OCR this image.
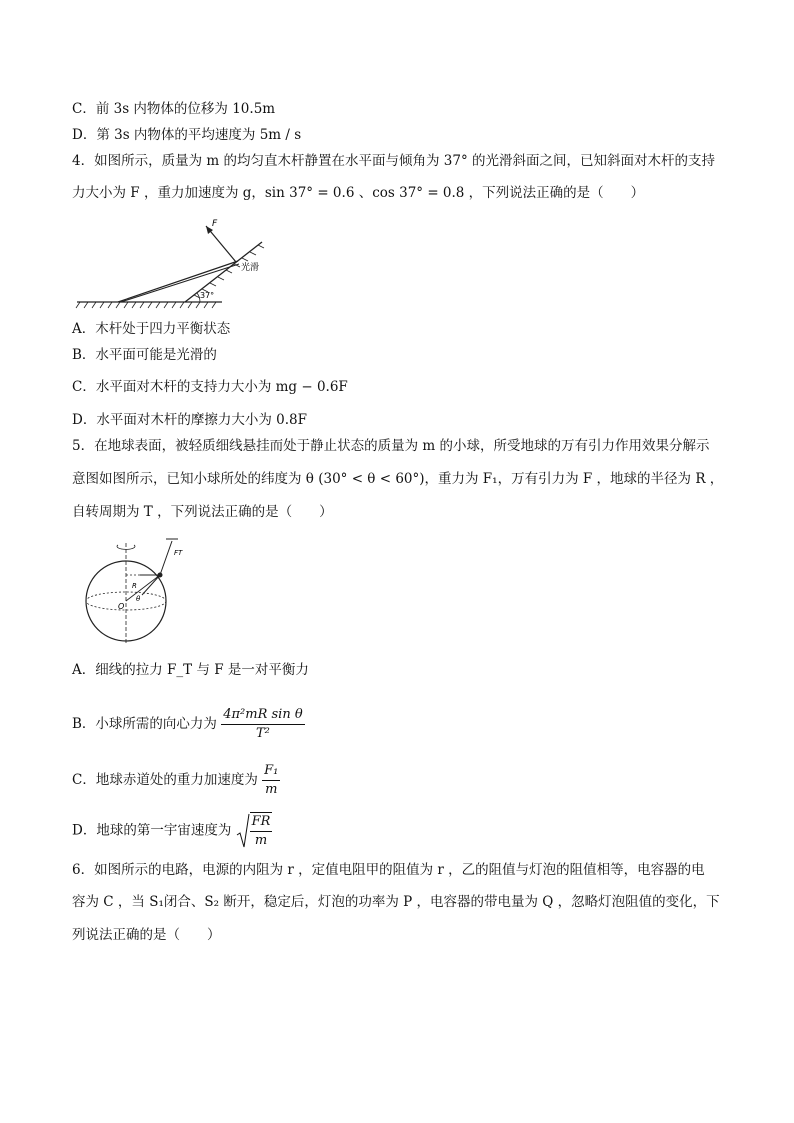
C．前 3s 内物体的位移为 10.5m
D．第 3s 内物体的平均速度为 5m / s
4．如图所示，质量为 m 的均匀直木杆静置在水平面与倾角为 37° 的光滑斜面之间，已知斜面对木杆的支持
力大小为 F ，重力加速度为 g，sin 37° = 0.6 、cos 37° = 0.8 ，下列说法正确的是（　　）
F
光滑
37°
A．木杆处于四力平衡状态
B．水平面可能是光滑的
C．水平面对木杆的支持力大小为 mg − 0.6F
D．水平面对木杆的摩擦力大小为 0.8F
5．在地球表面，被轻质细线悬挂而处于静止状态的质量为 m 的小球，所受地球的万有引力作用效果分解示
意图如图所示，已知小球所处的纬度为 θ (30° < θ < 60°)，重力为 F₁，万有引力为 F ，地球的半径为 R ，
自转周期为 T ，下列说法正确的是（　　）
FT
R
O
θ
A．细线的拉力 F_T 与 F 是一对平衡力
B．小球所需的向心力为 $\frac{\text{4π²mR sin θ}}{\text{T²}}$
C．地球赤道处的重力加速度为 $\frac{\text{F₁}}{m}$
D．地球的第一宇宙速度为 $\frac{FR}{m}$
6．如图所示的电路，电源的内阻为 r ，定值电阻甲的阻值为 r ，乙的阻值与灯泡的阻值相等，电容器的电
容为 C ，当 S₁闭合、S₂ 断开，稳定后，灯泡的功率为 P ，电容器的带电量为 Q ，忽略灯泡阻值的变化，下
列说法正确的是（　　）
